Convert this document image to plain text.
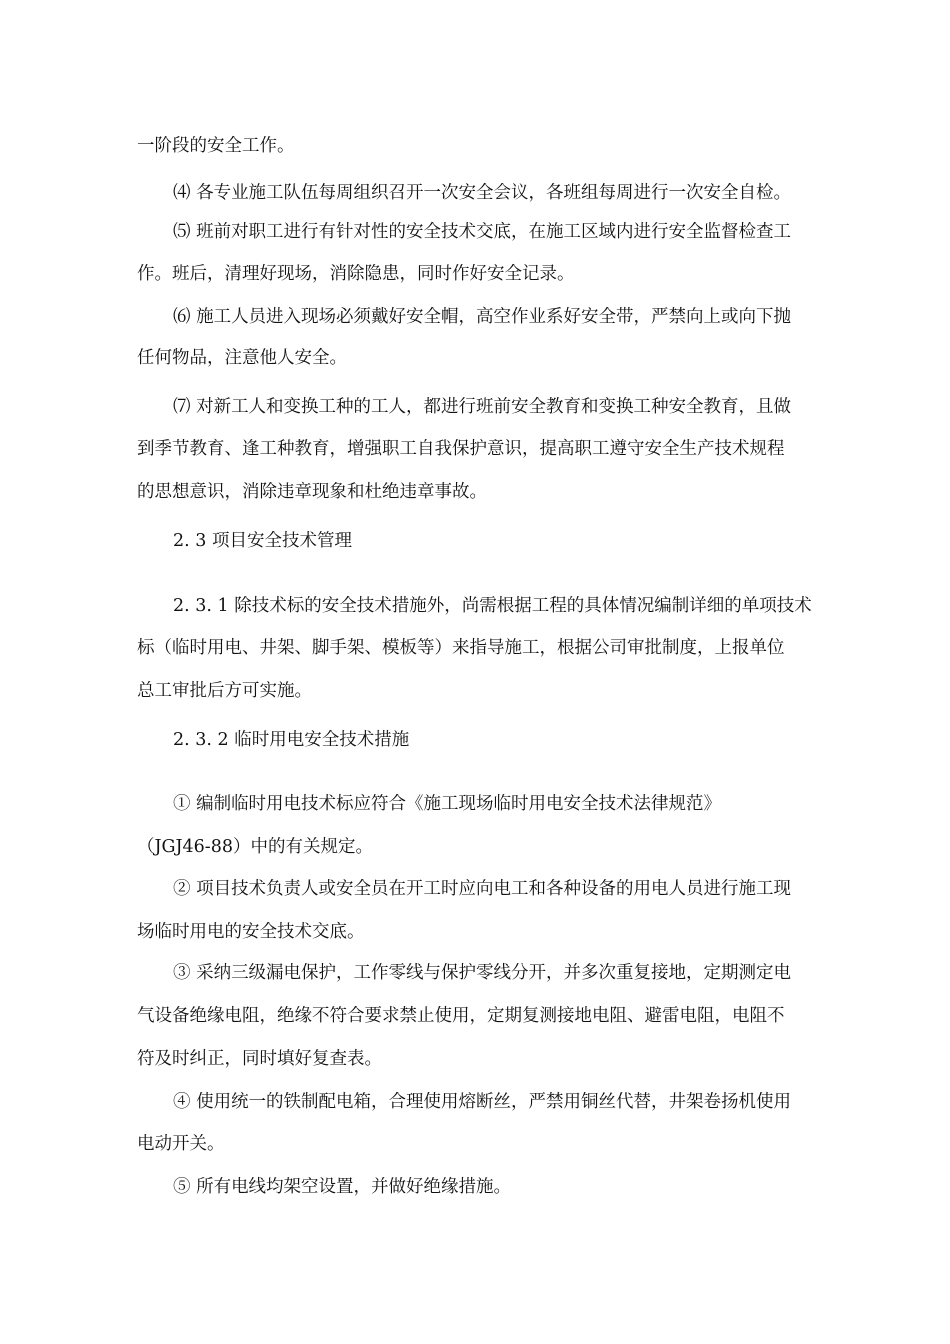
一阶段的安全工作。
⑷ 各专业施工队伍每周组织召开一次安全会议，各班组每周进行一次安全自检。
⑸ 班前对职工进行有针对性的安全技术交底，在施工区域内进行安全监督检查工
作。班后，清理好现场，消除隐患，同时作好安全记录。
⑹ 施工人员进入现场必须戴好安全帽，高空作业系好安全带，严禁向上或向下抛
任何物品，注意他人安全。
⑺ 对新工人和变换工种的工人，都进行班前安全教育和变换工种安全教育，且做
到季节教育、逢工种教育，增强职工自我保护意识，提高职工遵守安全生产技术规程
的思想意识，消除违章现象和杜绝违章事故。
2. 3 项目安全技术管理
2. 3. 1 除技术标的安全技术措施外，尚需根据工程的具体情况编制详细的单项技术
标（临时用电、井架、脚手架、模板等）来指导施工，根据公司审批制度，上报单位
总工审批后方可实施。
2. 3. 2 临时用电安全技术措施
① 编制临时用电技术标应符合《施工现场临时用电安全技术法律规范》
（JGJ46-88）中的有关规定。
② 项目技术负责人或安全员在开工时应向电工和各种设备的用电人员进行施工现
场临时用电的安全技术交底。
③ 采纳三级漏电保护，工作零线与保护零线分开，并多次重复接地，定期测定电
气设备绝缘电阻，绝缘不符合要求禁止使用，定期复测接地电阻、避雷电阻，电阻不
符及时纠正，同时填好复查表。
④ 使用统一的铁制配电箱，合理使用熔断丝，严禁用铜丝代替，井架卷扬机使用
电动开关。
⑤ 所有电线均架空设置，并做好绝缘措施。
